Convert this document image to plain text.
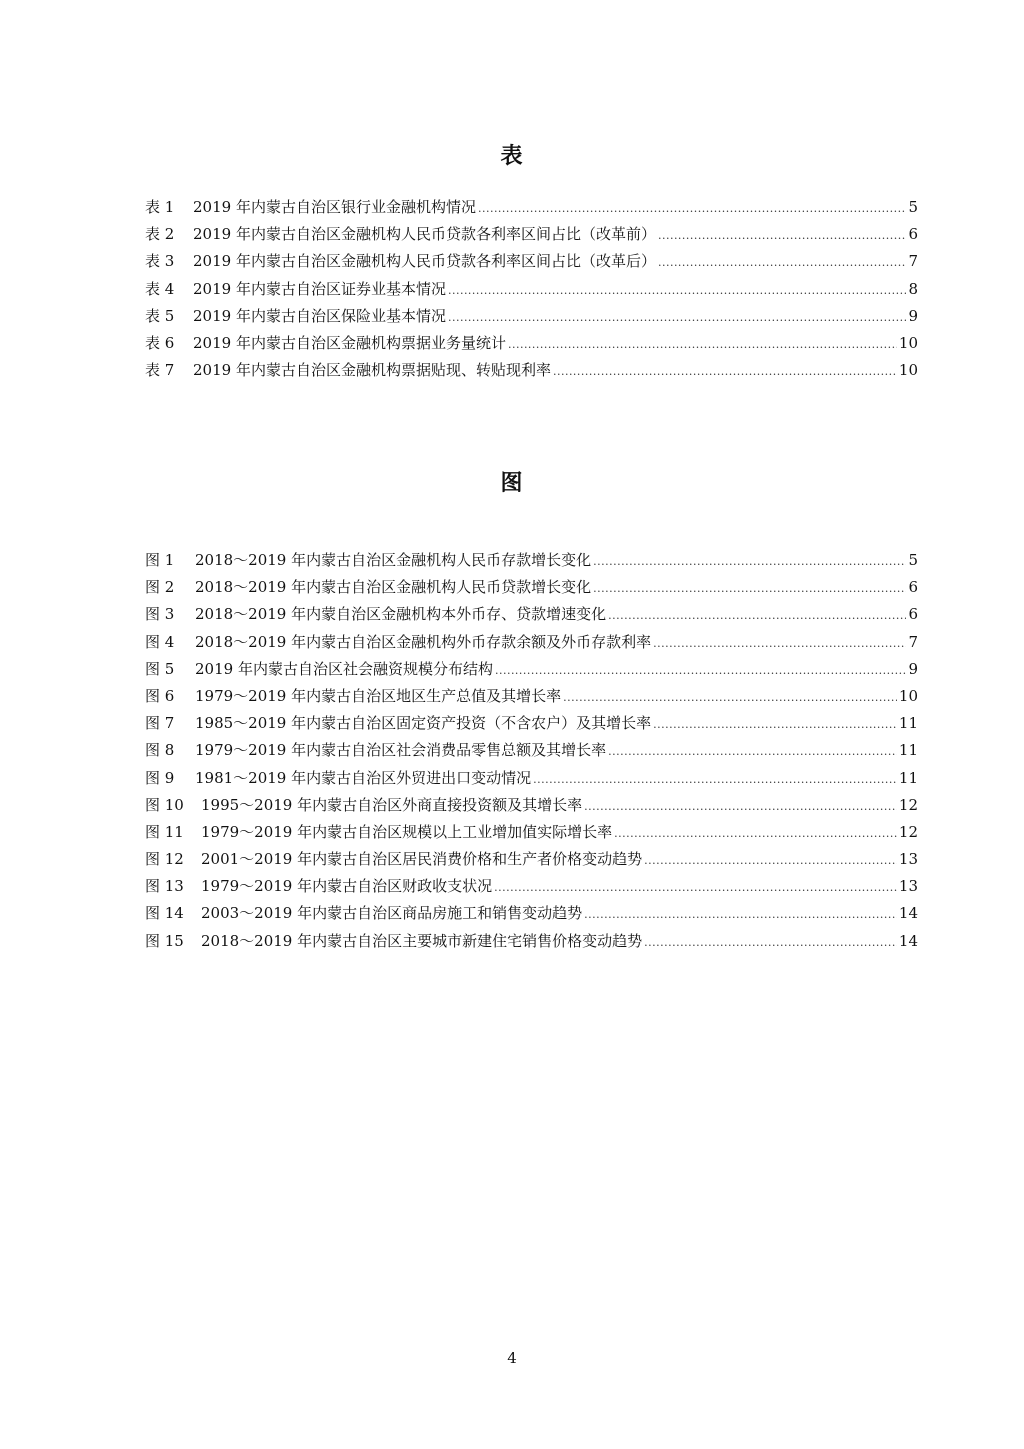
表
表 1	2019 年内蒙古自治区银行业金融机构情况 .....	5
表 2	2019 年内蒙古自治区金融机构人民币贷款各利率区间占比（改革前） .....	6
表 3	2019 年内蒙古自治区金融机构人民币贷款各利率区间占比（改革后） .....	7
表 4	2019 年内蒙古自治区证券业基本情况 .....	8
表 5	2019 年内蒙古自治区保险业基本情况 .....	9
表 6	2019 年内蒙古自治区金融机构票据业务量统计 .....	10
表 7	2019 年内蒙古自治区金融机构票据贴现、转贴现利率 .....	10
图
图 1	2018～2019 年内蒙古自治区金融机构人民币存款增长变化 .....	5
图 2	2018～2019 年内蒙古自治区金融机构人民币贷款增长变化 .....	6
图 3	2018～2019 年内蒙自治区金融机构本外币存、贷款增速变化 .....	6
图 4	2018～2019 年内蒙古自治区金融机构外币存款余额及外币存款利率 .....	7
图 5	2019 年内蒙古自治区社会融资规模分布结构 .....	9
图 6	1979～2019 年内蒙古自治区地区生产总值及其增长率 .....	10
图 7	1985～2019 年内蒙古自治区固定资产投资（不含农户）及其增长率 .....	11
图 8	1979～2019 年内蒙古自治区社会消费品零售总额及其增长率 .....	11
图 9	1981～2019 年内蒙古自治区外贸进出口变动情况 .....	11
图 10	1995～2019 年内蒙古自治区外商直接投资额及其增长率 .....	12
图 11	1979～2019 年内蒙古自治区规模以上工业增加值实际增长率 .....	12
图 12	2001～2019 年内蒙古自治区居民消费价格和生产者价格变动趋势 .....	13
图 13	1979～2019 年内蒙古自治区财政收支状况 .....	13
图 14	2003～2019 年内蒙古自治区商品房施工和销售变动趋势 .....	14
图 15	2018～2019 年内蒙古自治区主要城市新建住宅销售价格变动趋势 .....	14
4
